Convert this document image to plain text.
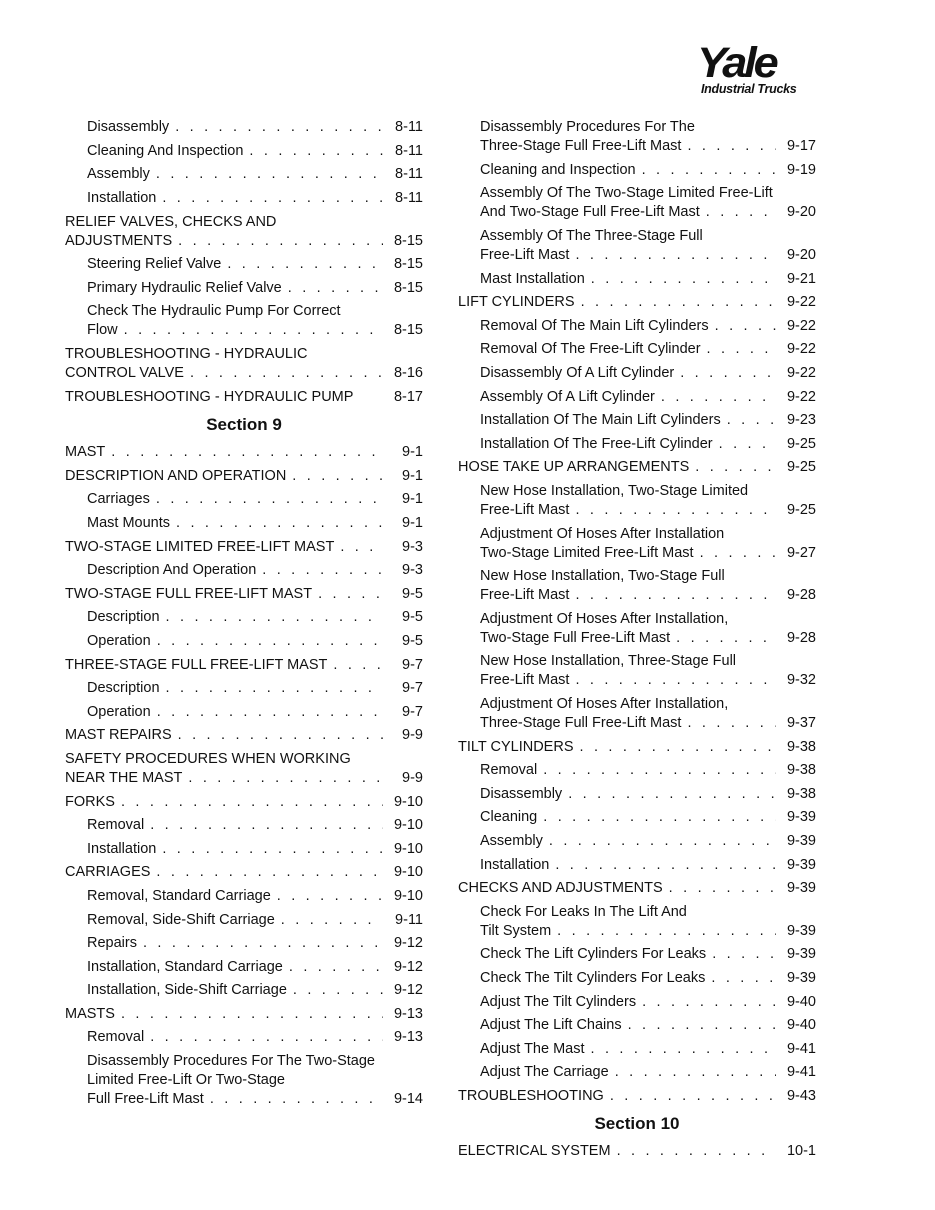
Yale
Industrial Trucks
Disassembly . . .	8-11
Cleaning And Inspection . . .	8-11
Assembly . . .	8-11
Installation . . .	8-11
RELIEF VALVES, CHECKS AND
ADJUSTMENTS . . .	8-15
Steering Relief Valve . . .	8-15
Primary Hydraulic Relief Valve . . .	8-15
Check The Hydraulic Pump For Correct
Flow . . .	8-15
TROUBLESHOOTING - HYDRAULIC
CONTROL VALVE . . .	8-16
TROUBLESHOOTING - HYDRAULIC PUMP	8-17
Section 9
MAST . . .	9-1
DESCRIPTION AND OPERATION . . .	9-1
Carriages . . .	9-1
Mast Mounts . . .	9-1
TWO-STAGE LIMITED FREE-LIFT MAST . . .	9-3
Description And Operation . . .	9-3
TWO-STAGE FULL FREE-LIFT MAST . . .	9-5
Description . . .	9-5
Operation . . .	9-5
THREE-STAGE FULL FREE-LIFT MAST . . .	9-7
Description . . .	9-7
Operation . . .	9-7
MAST REPAIRS . . .	9-9
SAFETY PROCEDURES WHEN WORKING
NEAR THE MAST . . .	9-9
FORKS . . .	9-10
Removal . . .	9-10
Installation . . .	9-10
CARRIAGES . . .	9-10
Removal, Standard Carriage . . .	9-10
Removal, Side-Shift Carriage . . .	9-11
Repairs . . .	9-12
Installation, Standard Carriage . . .	9-12
Installation, Side-Shift Carriage . . .	9-12
MASTS . . .	9-13
Removal . . .	9-13
Disassembly Procedures For The Two-Stage
Limited Free-Lift Or Two-Stage
Full Free-Lift Mast . . .	9-14
Disassembly Procedures For The
Three-Stage Full Free-Lift Mast . . .	9-17
Cleaning and Inspection . . .	9-19
Assembly Of The Two-Stage Limited Free-Lift
And Two-Stage Full Free-Lift Mast . . .	9-20
Assembly Of The Three-Stage Full
Free-Lift Mast . . .	9-20
Mast Installation . . .	9-21
LIFT CYLINDERS . . .	9-22
Removal Of The Main Lift Cylinders . . .	9-22
Removal Of The Free-Lift Cylinder . . .	9-22
Disassembly Of A Lift Cylinder . . .	9-22
Assembly Of A Lift Cylinder . . .	9-22
Installation Of The Main Lift Cylinders . . .	9-23
Installation Of The Free-Lift Cylinder . . .	9-25
HOSE TAKE UP ARRANGEMENTS . . .	9-25
New Hose Installation, Two-Stage Limited
Free-Lift Mast . . .	9-25
Adjustment Of Hoses After Installation
Two-Stage Limited Free-Lift Mast . . .	9-27
New Hose Installation, Two-Stage Full
Free-Lift Mast . . .	9-28
Adjustment Of Hoses After Installation,
Two-Stage Full Free-Lift Mast . . .	9-28
New Hose Installation, Three-Stage Full
Free-Lift Mast . . .	9-32
Adjustment Of Hoses After Installation,
Three-Stage Full Free-Lift Mast . . .	9-37
TILT CYLINDERS . . .	9-38
Removal . . .	9-38
Disassembly . . .	9-38
Cleaning . . .	9-39
Assembly . . .	9-39
Installation . . .	9-39
CHECKS AND ADJUSTMENTS . . .	9-39
Check For Leaks In The Lift And
Tilt System . . .	9-39
Check The Lift Cylinders For Leaks . . .	9-39
Check The Tilt Cylinders For Leaks . . .	9-39
Adjust The Tilt Cylinders . . .	9-40
Adjust The Lift Chains . . .	9-40
Adjust The Mast . . .	9-41
Adjust The Carriage . . .	9-41
TROUBLESHOOTING . . .	9-43
Section 10
ELECTRICAL SYSTEM . . .	10-1
